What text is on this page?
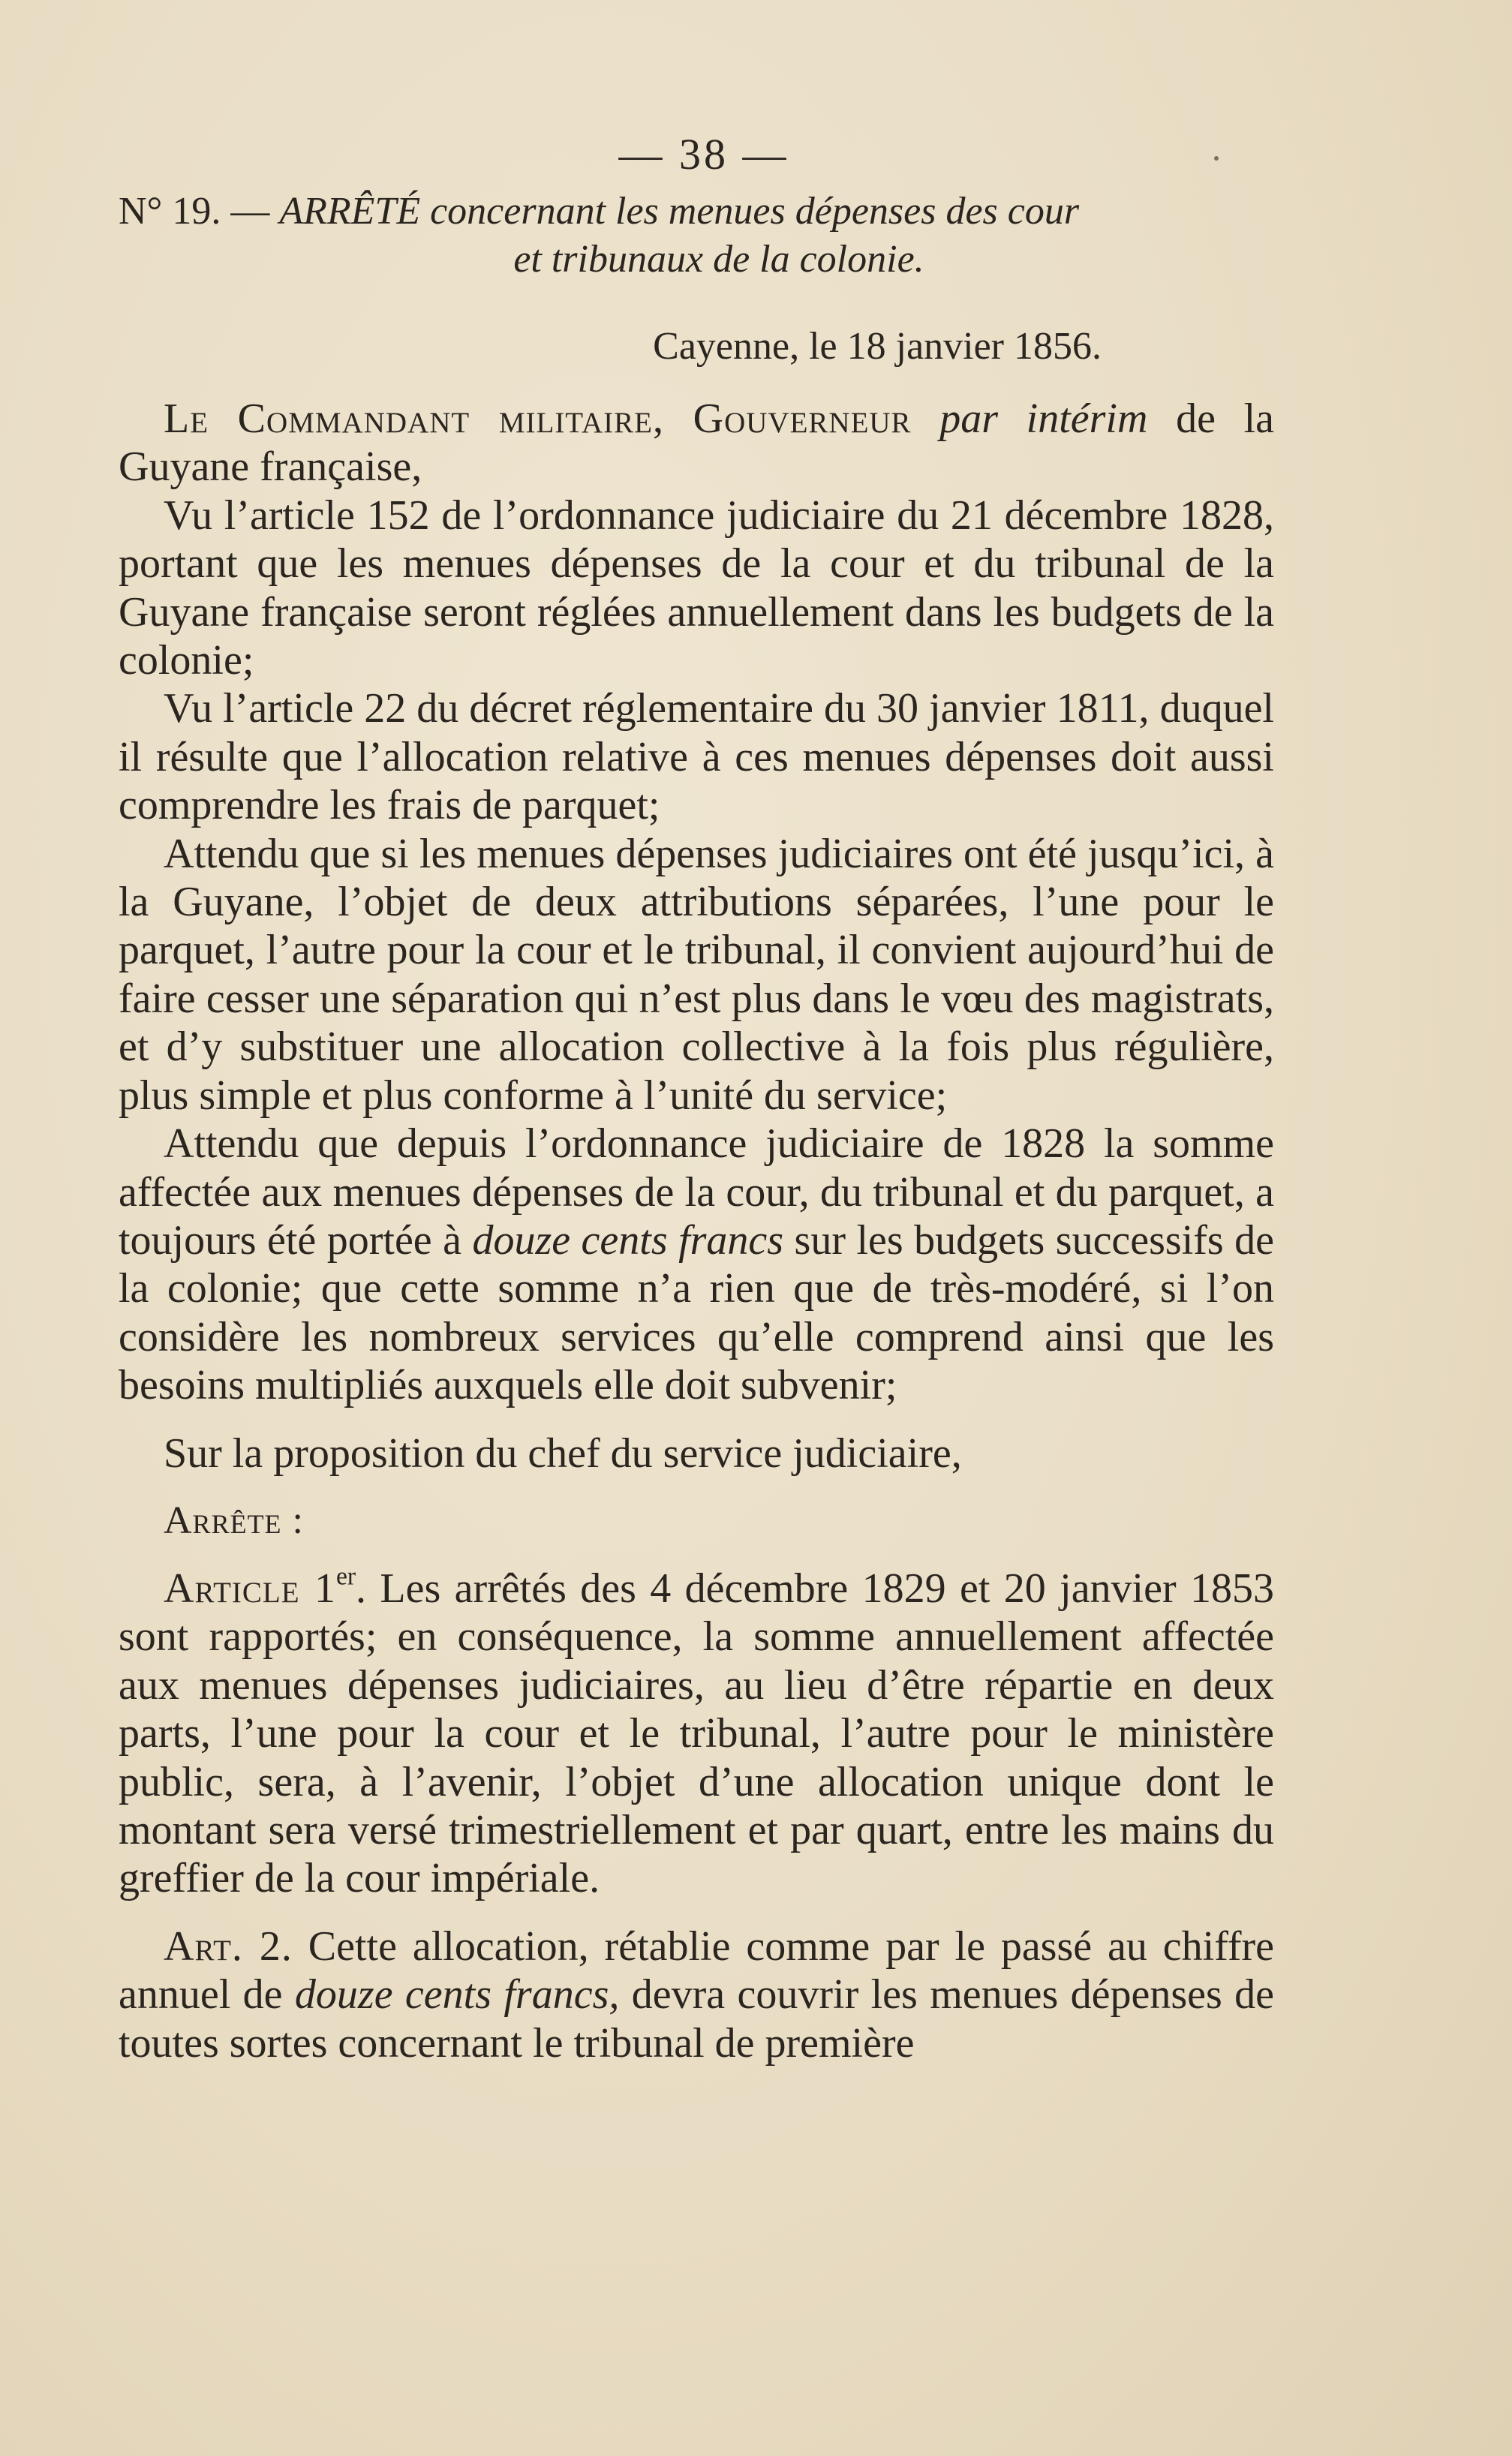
— 38 —
N° 19. — ARRÊTÉ concernant les menues dépenses des cour
et tribunaux de la colonie.
Cayenne, le 18 janvier 1856.

Le Commandant militaire, Gouverneur par intérim de la Guyane française,

Vu l’article 152 de l’ordonnance judiciaire du 21 décembre 1828, portant que les menues dépenses de la cour et du tribunal de la Guyane française seront réglées annuellement dans les budgets de la colonie;

Vu l’article 22 du décret réglementaire du 30 janvier 1811, duquel il résulte que l’allocation relative à ces menues dépenses doit aussi comprendre les frais de parquet;

Attendu que si les menues dépenses judiciaires ont été jusqu’ici, à la Guyane, l’objet de deux attributions séparées, l’une pour le parquet, l’autre pour la cour et le tribunal, il convient aujourd’hui de faire cesser une séparation qui n’est plus dans le vœu des magistrats, et d’y substituer une allocation collective à la fois plus régulière, plus simple et plus conforme à l’unité du service;

Attendu que depuis l’ordonnance judiciaire de 1828 la somme affectée aux menues dépenses de la cour, du tribunal et du parquet, a toujours été portée à douze cents francs sur les budgets successifs de la colonie; que cette somme n’a rien que de très-modéré, si l’on considère les nombreux services qu’elle comprend ainsi que les besoins multipliés auxquels elle doit subvenir;

Sur la proposition du chef du service judiciaire,

Arrête :

Article 1er. Les arrêtés des 4 décembre 1829 et 20 janvier 1853 sont rapportés; en conséquence, la somme annuellement affectée aux menues dépenses judiciaires, au lieu d’être répartie en deux parts, l’une pour la cour et le tribunal, l’autre pour le ministère public, sera, à l’avenir, l’objet d’une allocation unique dont le montant sera versé trimestriellement et par quart, entre les mains du greffier de la cour impériale.

Art. 2. Cette allocation, rétablie comme par le passé au chiffre annuel de douze cents francs, devra couvrir les menues dépenses de toutes sortes concernant le tribunal de première
